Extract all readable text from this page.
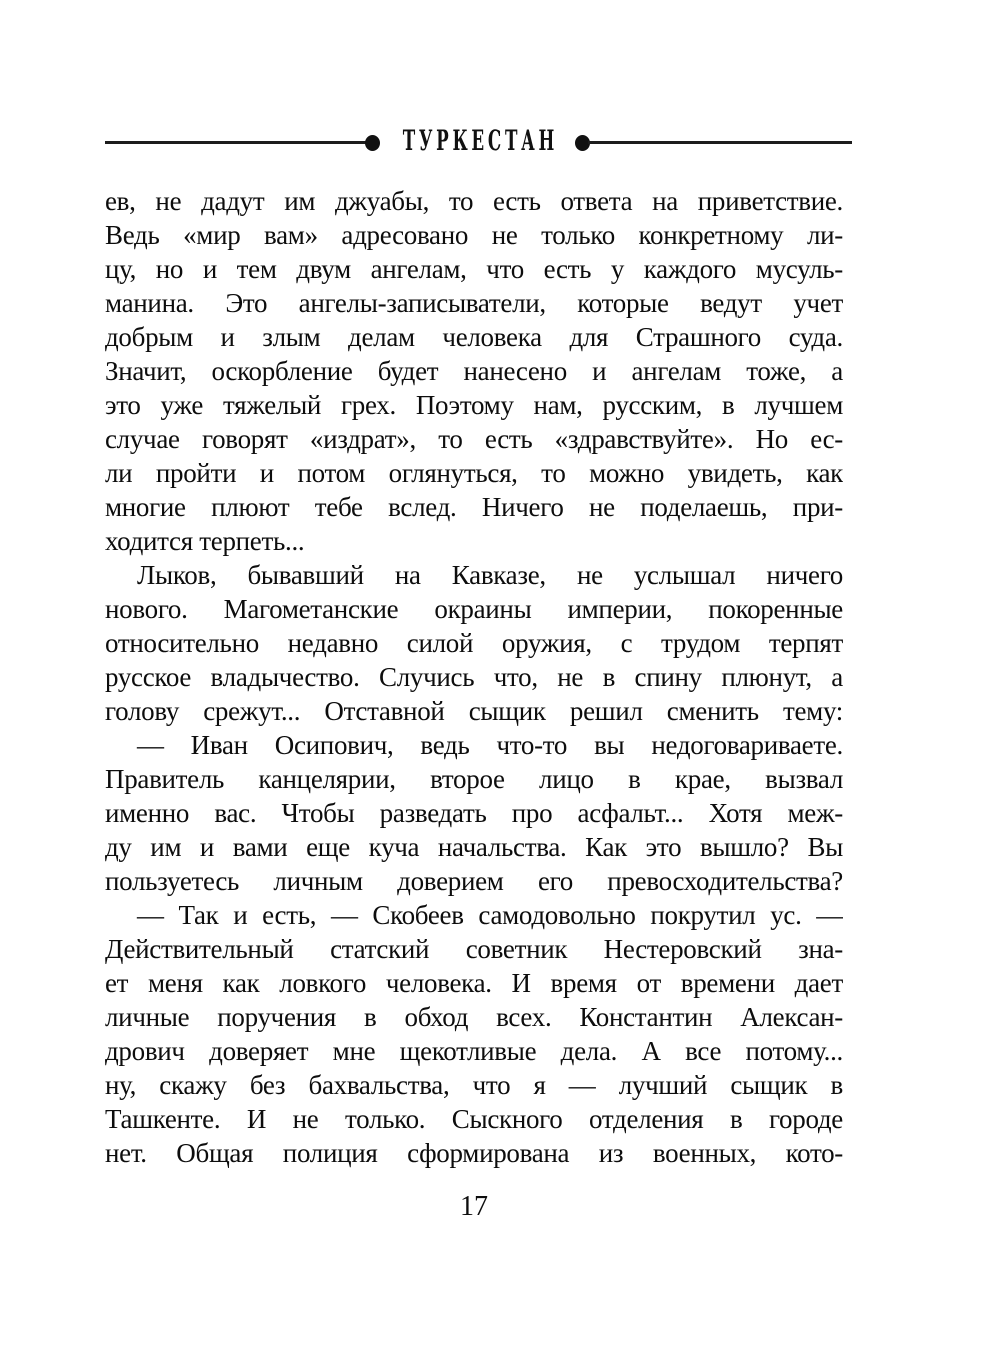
ТУРКЕСТАН
ев, не дадут им джуабы, то есть ответа на приветствие.
Ведь «мир вам» адресовано не только конкретному ли-
цу, но и тем двум ангелам, что есть у каждого мусуль-
манина. Это ангелы-записыватели, которые ведут учет
добрым и злым делам человека для Страшного суда.
Значит, оскорбление будет нанесено и ангелам тоже, а
это уже тяжелый грех. Поэтому нам, русским, в лучшем
случае говорят «издрат», то есть «здравствуйте». Но ес-
ли пройти и потом оглянуться, то можно увидеть, как
многие плюют тебе вслед. Ничего не поделаешь, при-
ходится терпеть...
Лыков, бывавший на Кавказе, не услышал ничего
нового. Магометанские окраины империи, покоренные
относительно недавно силой оружия, с трудом терпят
русское владычество. Случись что, не в спину плюнут, а
голову срежут... Отставной сыщик решил сменить тему:
— Иван Осипович, ведь что-то вы недоговариваете.
Правитель канцелярии, второе лицо в крае, вызвал
именно вас. Чтобы разведать про асфальт... Хотя меж-
ду им и вами еще куча начальства. Как это вышло? Вы
пользуетесь личным доверием его превосходительства?
— Так и есть, — Скобеев самодовольно покрутил ус. —
Действительный статский советник Нестеровский зна-
ет меня как ловкого человека. И время от времени дает
личные поручения в обход всех. Константин Алексан-
дрович доверяет мне щекотливые дела. А все потому...
ну, скажу без бахвальства, что я — лучший сыщик в
Ташкенте. И не только. Сыскного отделения в городе
нет. Общая полиция сформирована из военных, кото-
17
